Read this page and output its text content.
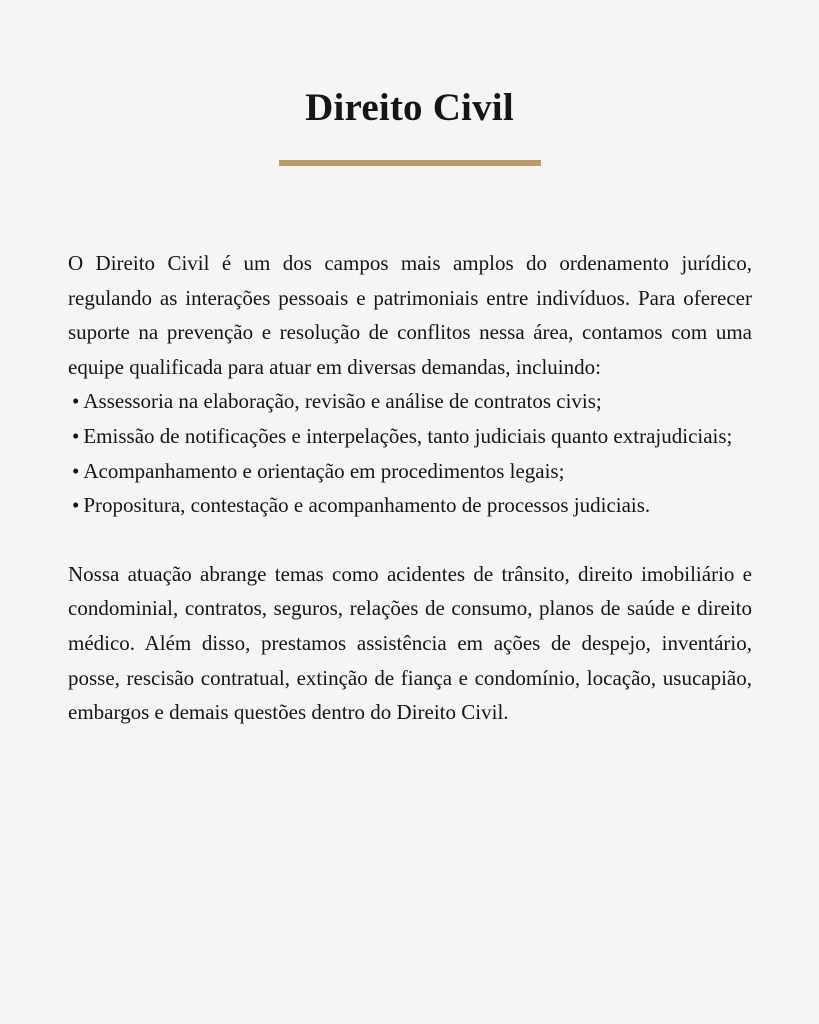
Direito Civil

O Direito Civil é um dos campos mais amplos do ordenamento jurídico, regulando as interações pessoais e patrimoniais entre indivíduos. Para oferecer suporte na prevenção e resolução de conflitos nessa área, contamos com uma equipe qualificada para atuar em diversas demandas, incluindo:

• Assessoria na elaboração, revisão e análise de contratos civis;
• Emissão de notificações e interpelações, tanto judiciais quanto extrajudiciais;
• Acompanhamento e orientação em procedimentos legais;
• Propositura, contestação e acompanhamento de processos judiciais.

Nossa atuação abrange temas como acidentes de trânsito, direito imobiliário e condominial, contratos, seguros, relações de consumo, planos de saúde e direito médico. Além disso, prestamos assistência em ações de despejo, inventário, posse, rescisão contratual, extinção de fiança e condomínio, locação, usucapião, embargos e demais questões dentro do Direito Civil.
